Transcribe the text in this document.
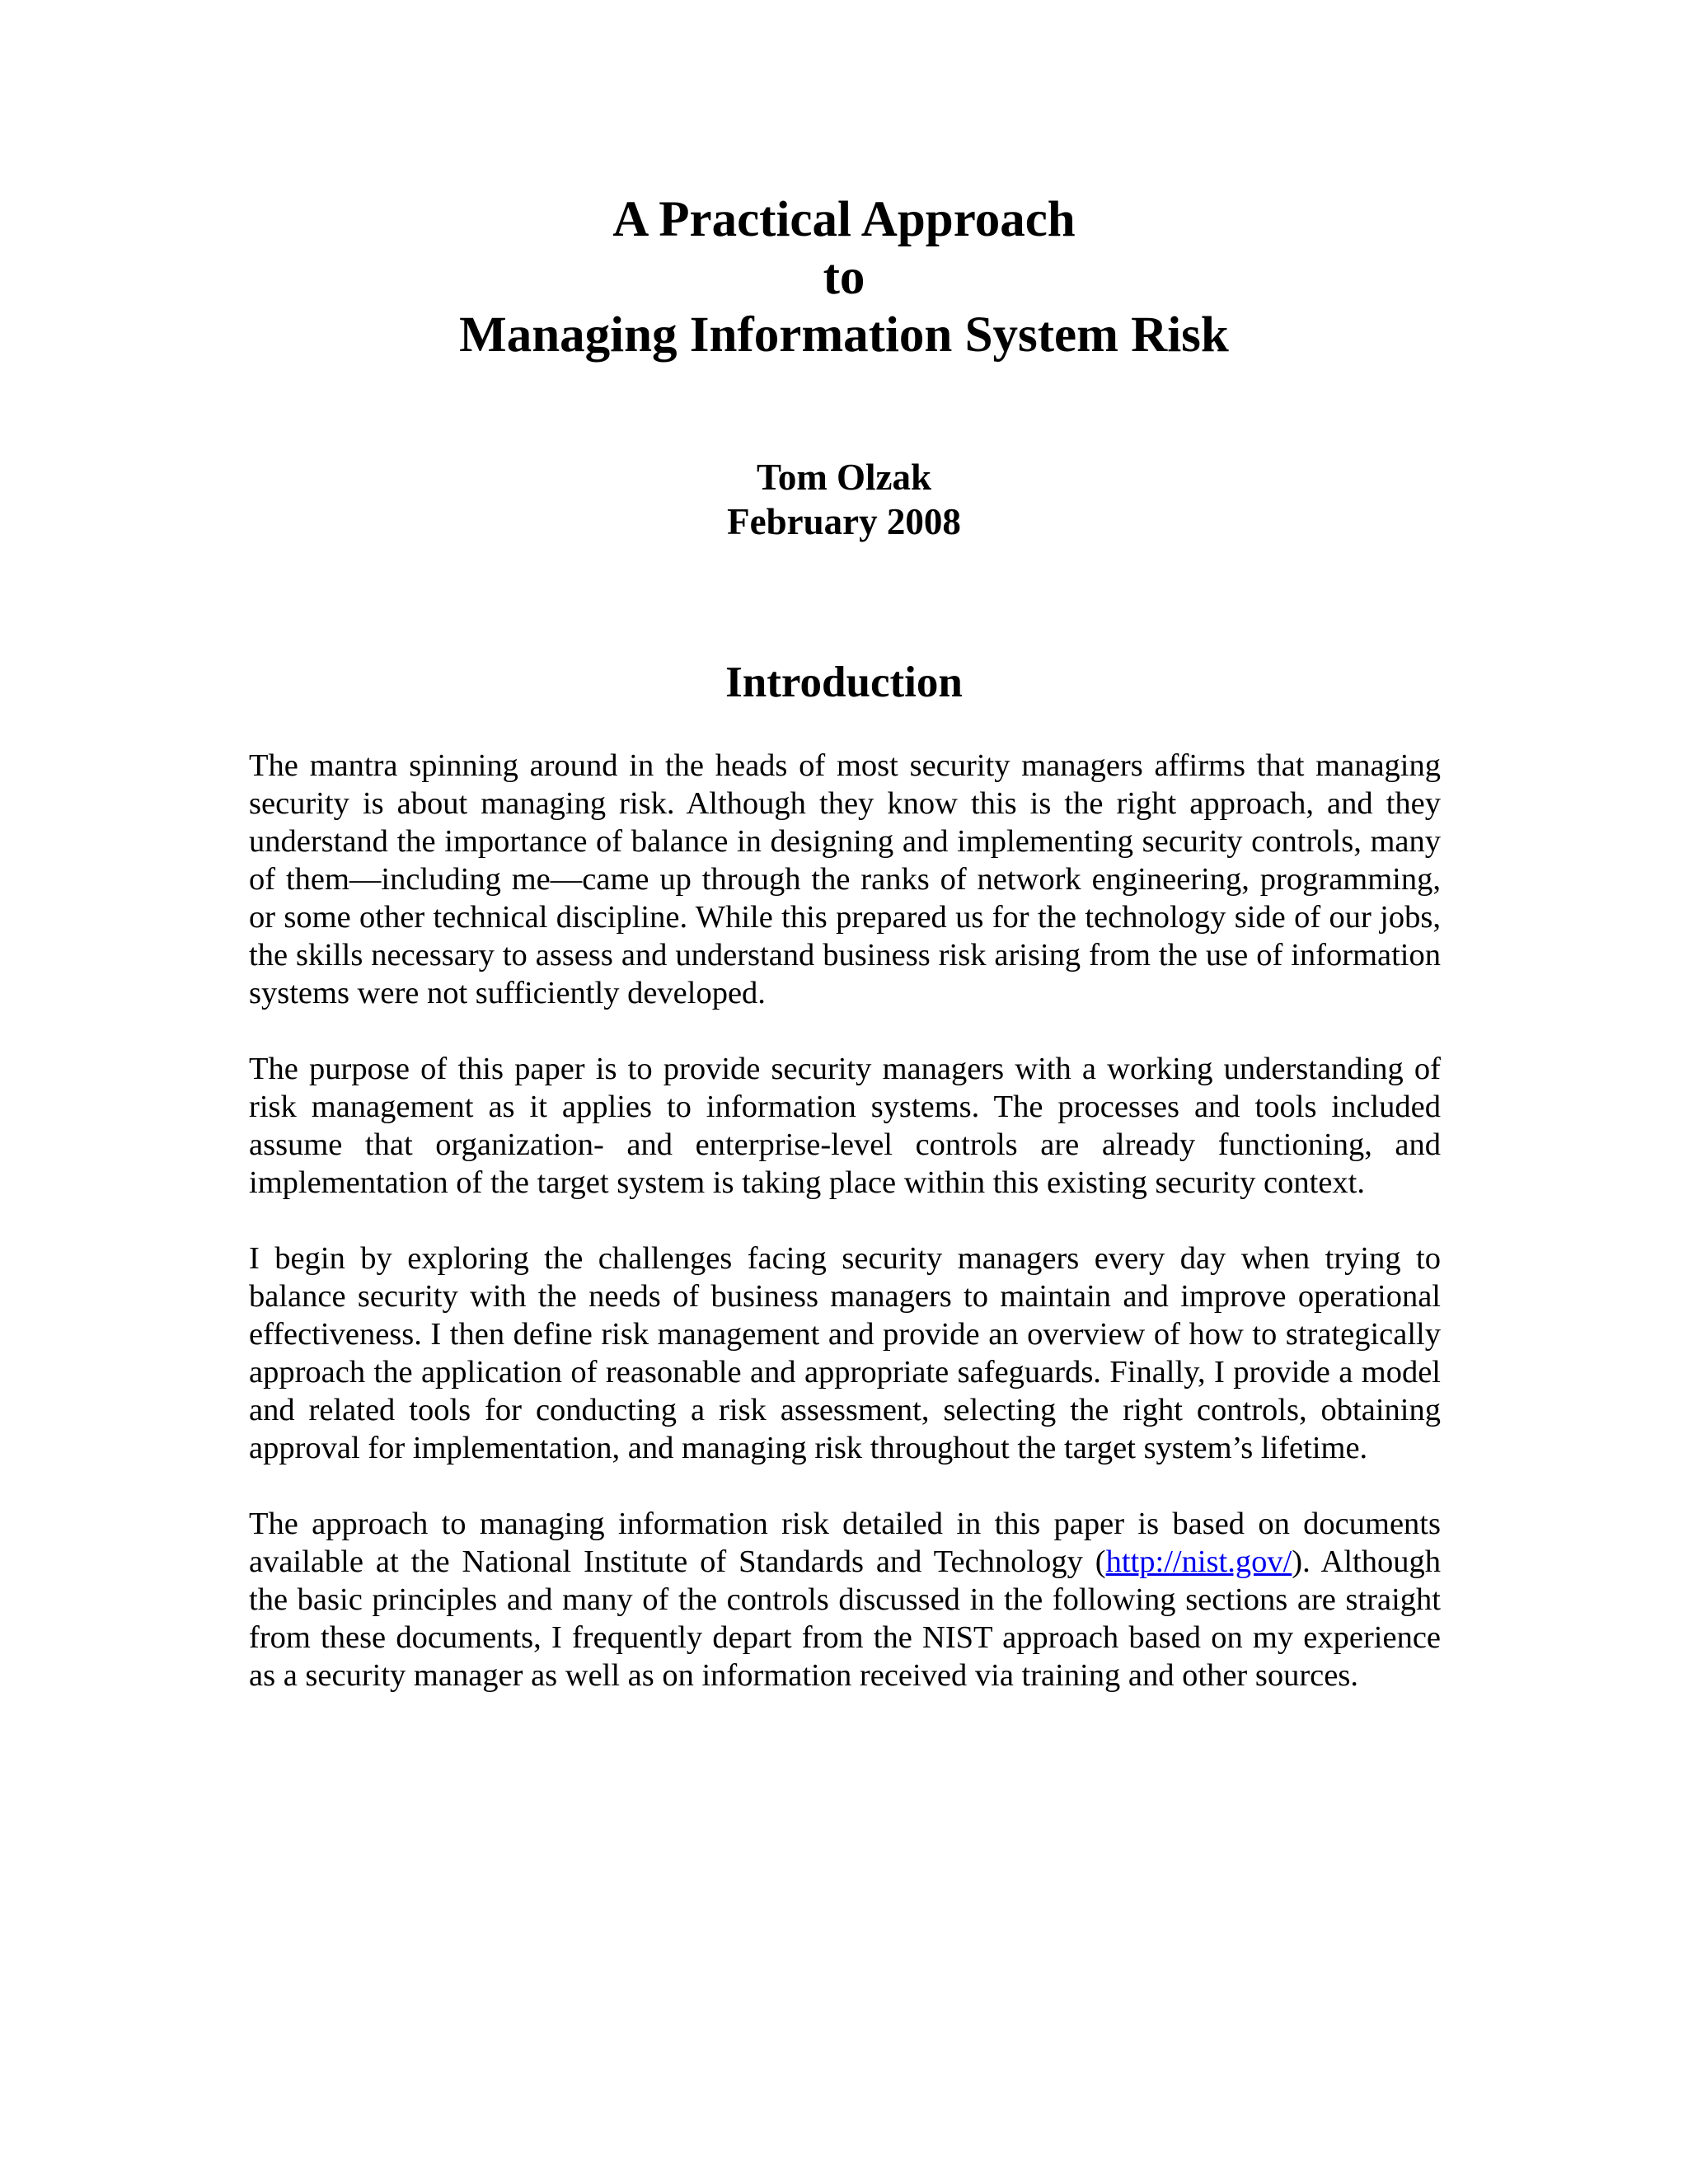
A Practical Approach

to

Managing Information System Risk

Tom Olzak

February 2008

Introduction

The mantra spinning around in the heads of most security managers affirms that managing security is about managing risk. Although they know this is the right approach, and they understand the importance of balance in designing and implementing security controls, many of them—including me—came up through the ranks of network engineering, programming, or some other technical discipline. While this prepared us for the technology side of our jobs, the skills necessary to assess and understand business risk arising from the use of information systems were not sufficiently developed.

The purpose of this paper is to provide security managers with a working understanding of risk management as it applies to information systems. The processes and tools included assume that organization- and enterprise-level controls are already functioning, and implementation of the target system is taking place within this existing security context.

I begin by exploring the challenges facing security managers every day when trying to balance security with the needs of business managers to maintain and improve operational effectiveness. I then define risk management and provide an overview of how to strategically approach the application of reasonable and appropriate safeguards. Finally, I provide a model and related tools for conducting a risk assessment, selecting the right controls, obtaining approval for implementation, and managing risk throughout the target system’s lifetime.

The approach to managing information risk detailed in this paper is based on documents available at the National Institute of Standards and Technology (http://nist.gov/). Although the basic principles and many of the controls discussed in the following sections are straight from these documents, I frequently depart from the NIST approach based on my experience as a security manager as well as on information received via training and other sources.
